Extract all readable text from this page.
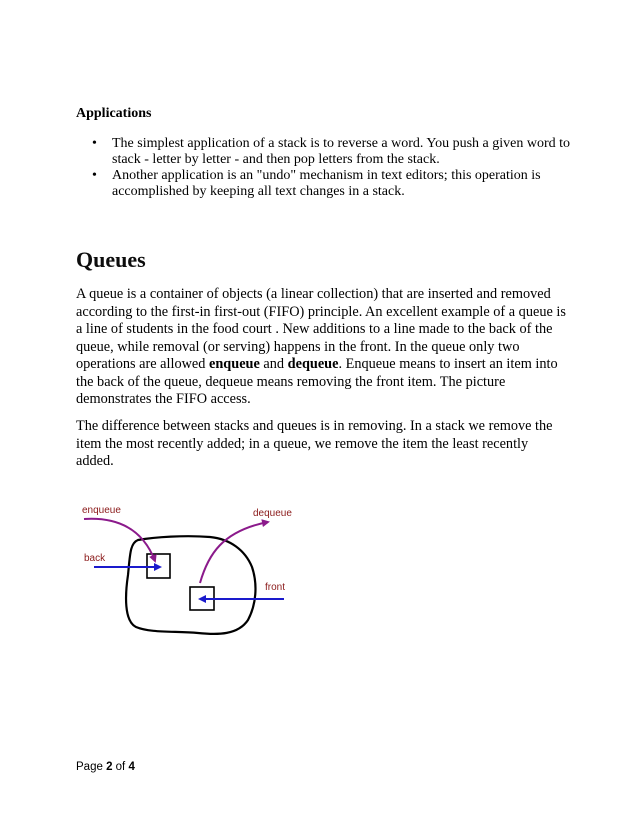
Applications
• The simplest application of a stack is to reverse a word. You push a given word to stack - letter by letter - and then pop letters from the stack.
• Another application is an "undo" mechanism in text editors; this operation is accomplished by keeping all text changes in a stack.
Queues

A queue is a container of objects (a linear collection) that are inserted and removed according to the first-in first-out (FIFO) principle. An excellent example of a queue is a line of students in the food court . New additions to a line made to the back of the queue, while removal (or serving) happens in the front. In the queue only two operations are allowed enqueue and dequeue. Enqueue means to insert an item into the back of the queue, dequeue means removing the front item. The picture demonstrates the FIFO access.

The difference between stacks and queues is in removing. In a stack we remove the item the most recently added; in a queue, we remove the item the least recently added.

enqueue	dequeue
back
front
Page 2 of 4
